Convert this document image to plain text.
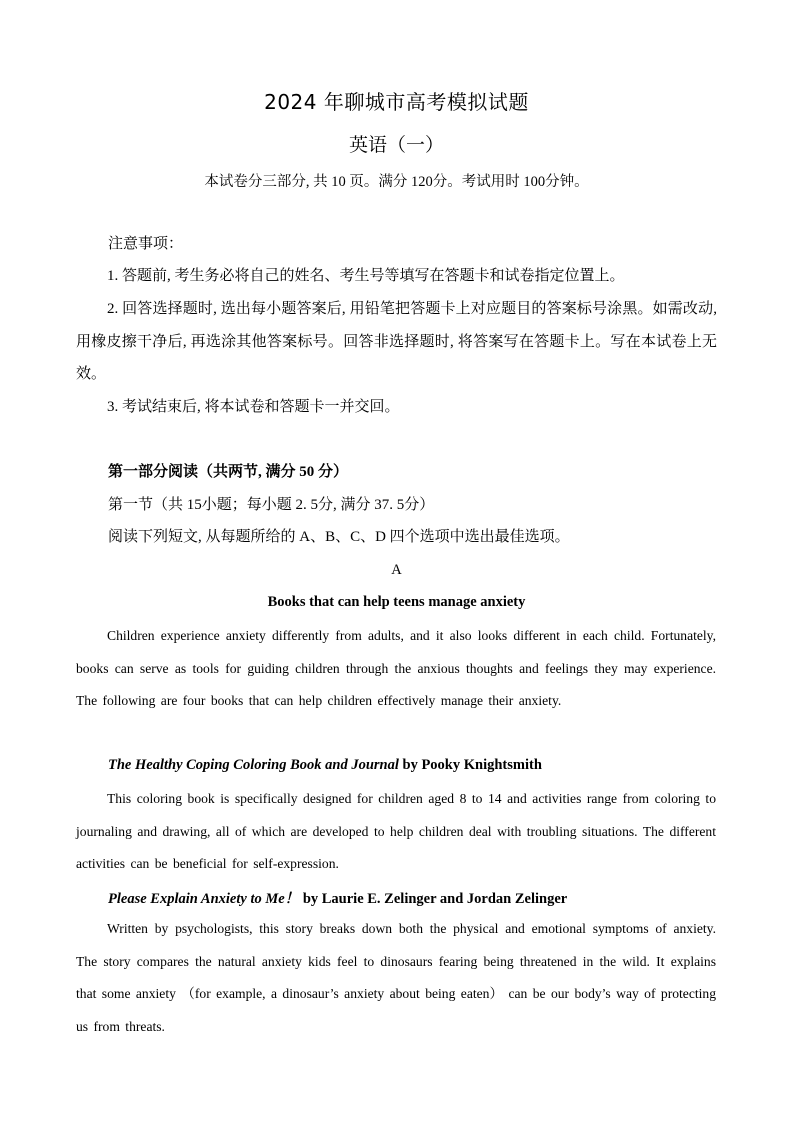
2024 年聊城市高考模拟试题
英语（一）
本试卷分三部分, 共 10 页。满分 120分。考试用时 100分钟。
注意事项：

1. 答题前, 考生务必将自己的姓名、考生号等填写在答题卡和试卷指定位置上。

2. 回答选择题时, 选出每小题答案后, 用铅笔把答题卡上对应题目的答案标号涂黑。如需改动, 用橡皮擦干净后, 再选涂其他答案标号。回答非选择题时, 将答案写在答题卡上。写在本试卷上无效。

3. 考试结束后, 将本试卷和答题卡一并交回。

第一部分阅读（共两节, 满分 50 分）
第一节（共 15小题；每小题 2. 5分, 满分 37. 5分）
阅读下列短文, 从每题所给的 A、B、C、D 四个选项中选出最佳选项。
A
Books that can help teens manage anxiety

Children experience anxiety differently from adults, and it also looks different in each child. Fortunately, books can serve as tools for guiding children through the anxious thoughts and feelings they may experience. The following are four books that can help children effectively manage their anxiety.

The Healthy Coping Coloring Book and Journal by Pooky Knightsmith

This coloring book is specifically designed for children aged 8 to 14 and activities range from coloring to journaling and drawing, all of which are developed to help children deal with troubling situations. The different activities can be beneficial for self-expression.

Please Explain Anxiety to Me！ by Laurie E. Zelinger and Jordan Zelinger

Written by psychologists, this story breaks down both the physical and emotional symptoms of anxiety. The story compares the natural anxiety kids feel to dinosaurs fearing being threatened in the wild. It explains that some anxiety （for example, a dinosaur’s anxiety about being eaten） can be our body’s way of protecting us from threats.
